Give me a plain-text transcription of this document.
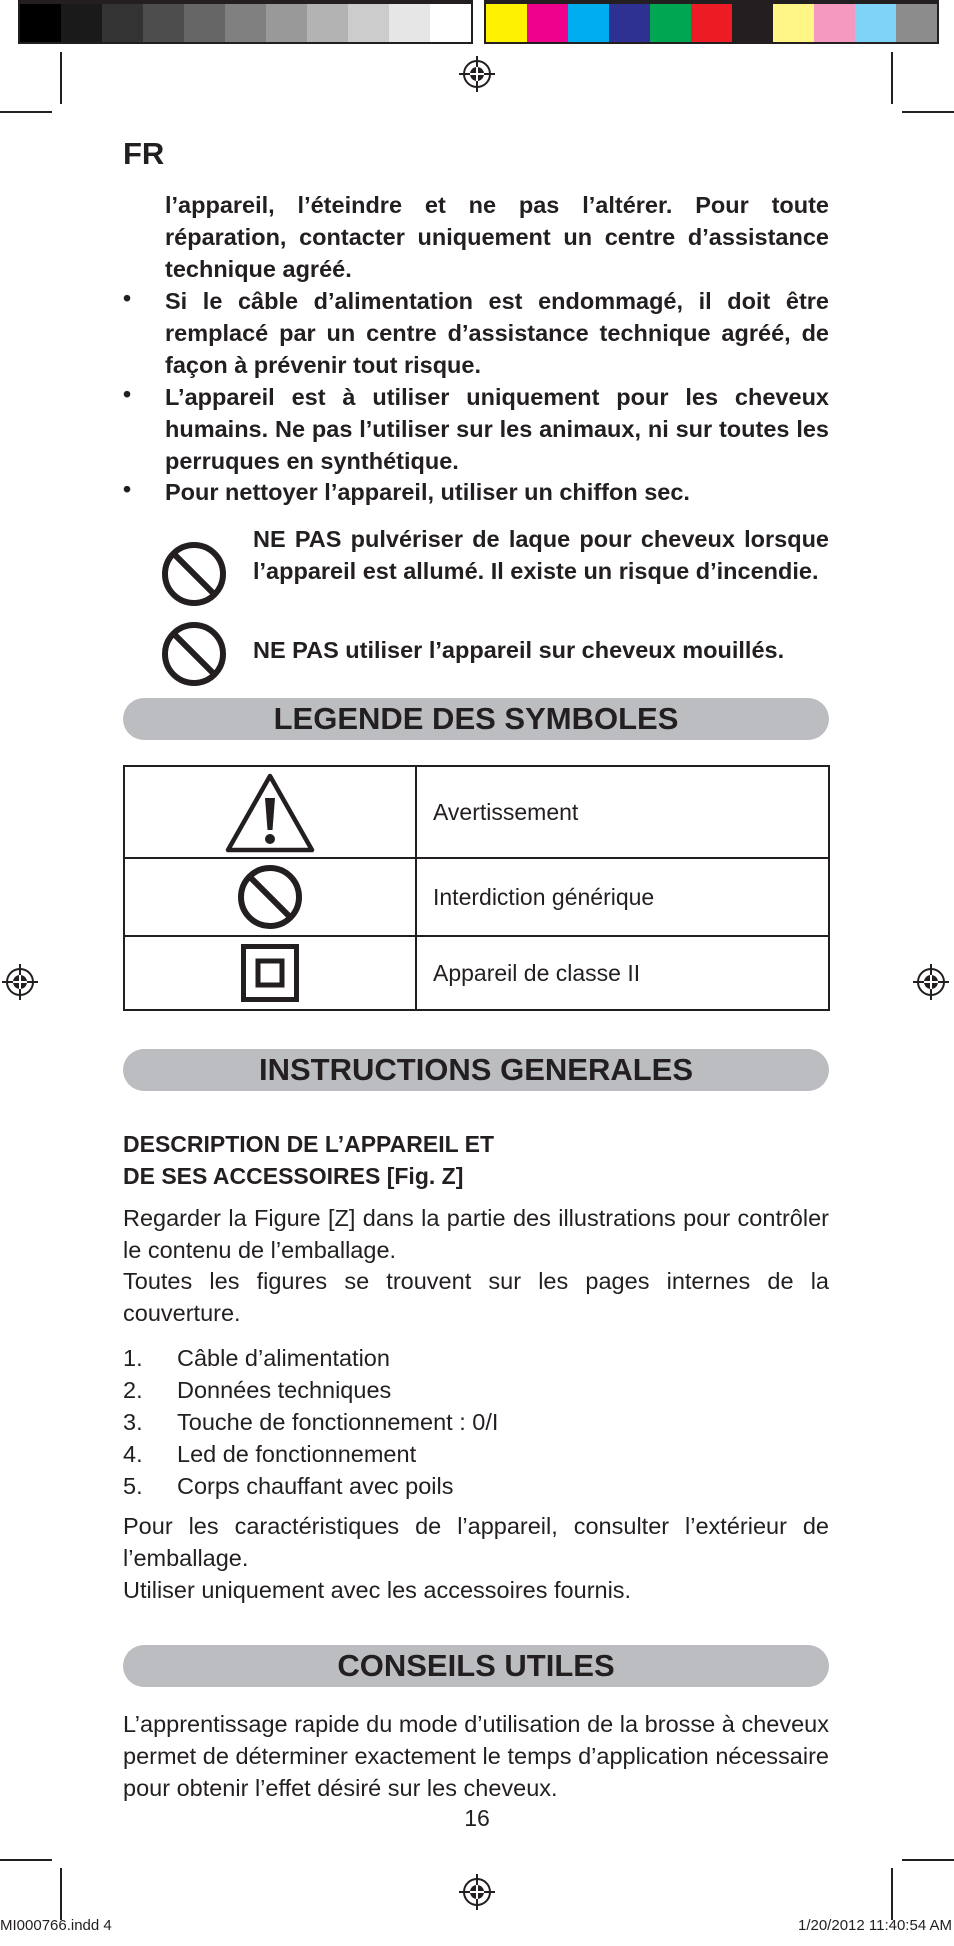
FR
l’appareil, l’éteindre et ne pas l’altérer. Pour toute réparation, contacter uniquement un centre d’assistance technique agréé.
• Si le câble d’alimentation est endommagé, il doit être remplacé par un centre d’assistance technique agréé, de façon à prévenir tout risque.
• L’appareil est à utiliser uniquement pour les cheveux humains. Ne pas l’utiliser sur les animaux, ni sur toutes les perruques en synthétique.
• Pour nettoyer l’appareil, utiliser un chiffon sec.
NE PAS pulvériser de laque pour cheveux lorsque l’appareil est allumé. Il existe un risque d’incendie.
NE PAS utiliser l’appareil sur cheveux mouillés.
LEGENDE DES SYMBOLES
	Avertissement

	Interdiction générique

	Appareil de classe II
INSTRUCTIONS GENERALES
DESCRIPTION DE L’APPAREIL ET
DE SES ACCESSOIRES [Fig. Z]
Regarder la Figure [Z] dans la partie des illustrations pour contrôler le contenu de l’emballage.
Toutes les figures se trouvent sur les pages internes de la couverture.
1.	Câble d’alimentation
2.	Données techniques
3.	Touche de fonctionnement : 0/I
4.	Led de fonctionnement
5.	Corps chauffant avec poils
Pour les caractéristiques de l’appareil, consulter l’extérieur de l’emballage.
Utiliser uniquement avec les accessoires fournis.
CONSEILS UTILES
L’apprentissage rapide du mode d’utilisation de la brosse à cheveux permet de déterminer exactement le temps d’application nécessaire pour obtenir l’effet désiré sur les cheveux.
16
MI000766.indd 4	1/20/2012 11:40:54 AM
